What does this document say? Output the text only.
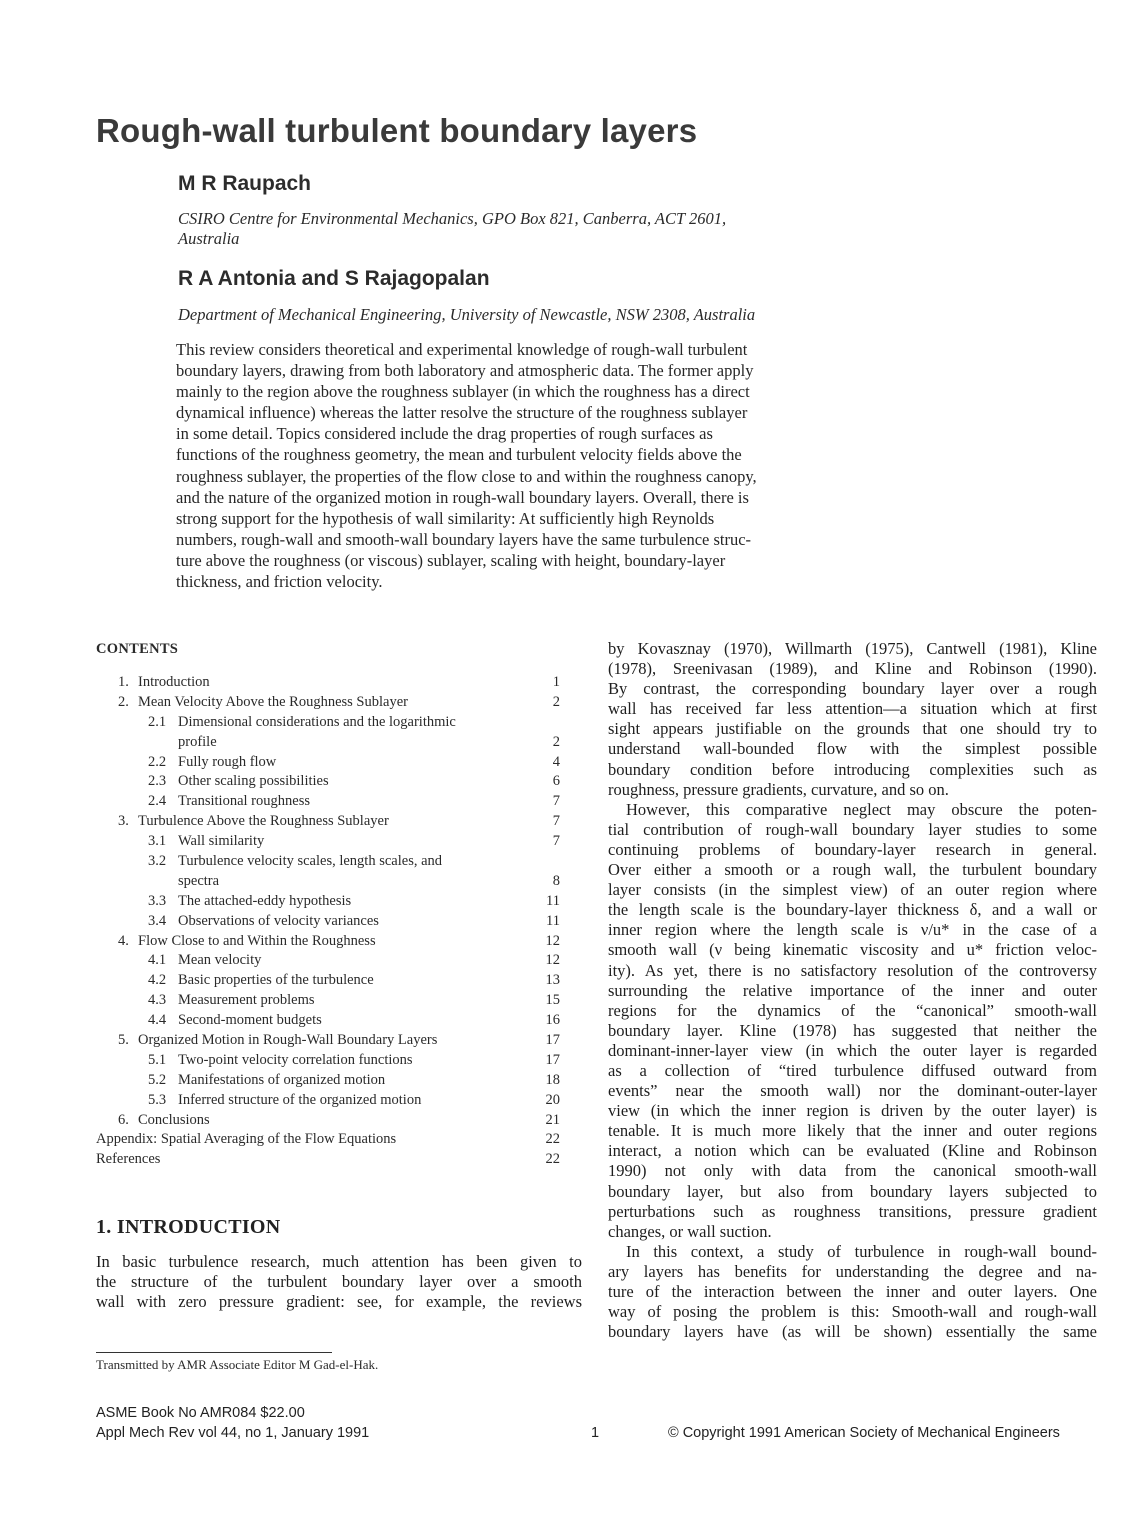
Rough-wall turbulent boundary layers
M R Raupach

CSIRO Centre for Environmental Mechanics, GPO Box 821, Canberra, ACT 2601,
Australia

R A Antonia and S Rajagopalan

Department of Mechanical Engineering, University of Newcastle, NSW 2308, Australia

This review considers theoretical and experimental knowledge of rough-wall turbulent
boundary layers, drawing from both laboratory and atmospheric data. The former apply
mainly to the region above the roughness sublayer (in which the roughness has a direct
dynamical influence) whereas the latter resolve the structure of the roughness sublayer
in some detail. Topics considered include the drag properties of rough surfaces as
functions of the roughness geometry, the mean and turbulent velocity fields above the
roughness sublayer, the properties of the flow close to and within the roughness canopy,
and the nature of the organized motion in rough-wall boundary layers. Overall, there is
strong support for the hypothesis of wall similarity: At sufficiently high Reynolds
numbers, rough-wall and smooth-wall boundary layers have the same turbulence struc-
ture above the roughness (or viscous) sublayer, scaling with height, boundary-layer
thickness, and friction velocity.
CONTENTS
1. Introduction	1
2. Mean Velocity Above the Roughness Sublayer	2
2.1 Dimensional considerations and the logarithmic
profile	2
2.2 Fully rough flow	4
2.3 Other scaling possibilities	6
2.4 Transitional roughness	7
3. Turbulence Above the Roughness Sublayer	7
3.1 Wall similarity	7
3.2 Turbulence velocity scales, length scales, and
spectra	8
3.3 The attached-eddy hypothesis	11
3.4 Observations of velocity variances	11
4. Flow Close to and Within the Roughness	12
4.1 Mean velocity	12
4.2 Basic properties of the turbulence	13
4.3 Measurement problems	15
4.4 Second-moment budgets	16
5. Organized Motion in Rough-Wall Boundary Layers	17
5.1 Two-point velocity correlation functions	17
5.2 Manifestations of organized motion	18
5.3 Inferred structure of the organized motion	20
6. Conclusions	21
Appendix: Spatial Averaging of the Flow Equations	22
References	22
1. INTRODUCTION
In basic turbulence research, much attention has been given to
the structure of the turbulent boundary layer over a smooth
wall with zero pressure gradient: see, for example, the reviews

Transmitted by AMR Associate Editor M Gad-el-Hak.

by Kovasznay (1970), Willmarth (1975), Cantwell (1981), Kline
(1978), Sreenivasan (1989), and Kline and Robinson (1990).
By contrast, the corresponding boundary layer over a rough
wall has received far less attention—a situation which at first
sight appears justifiable on the grounds that one should try to
understand wall-bounded flow with the simplest possible
boundary condition before introducing complexities such as
roughness, pressure gradients, curvature, and so on.
However, this comparative neglect may obscure the poten-
tial contribution of rough-wall boundary layer studies to some
continuing problems of boundary-layer research in general.
Over either a smooth or a rough wall, the turbulent boundary
layer consists (in the simplest view) of an outer region where
the length scale is the boundary-layer thickness δ, and a wall or
inner region where the length scale is ν/u* in the case of a
smooth wall (ν being kinematic viscosity and u* friction veloc-
ity). As yet, there is no satisfactory resolution of the controversy
surrounding the relative importance of the inner and outer
regions for the dynamics of the “canonical” smooth-wall
boundary layer. Kline (1978) has suggested that neither the
dominant-inner-layer view (in which the outer layer is regarded
as a collection of “tired turbulence diffused outward from
events” near the smooth wall) nor the dominant-outer-layer
view (in which the inner region is driven by the outer layer) is
tenable. It is much more likely that the inner and outer regions
interact, a notion which can be evaluated (Kline and Robinson
1990) not only with data from the canonical smooth-wall
boundary layer, but also from boundary layers subjected to
perturbations such as roughness transitions, pressure gradient
changes, or wall suction.
In this context, a study of turbulence in rough-wall bound-
ary layers has benefits for understanding the degree and na-
ture of the interaction between the inner and outer layers. One
way of posing the problem is this: Smooth-wall and rough-wall
boundary layers have (as will be shown) essentially the same

ASME Book No AMR084 $22.00

Appl Mech Rev vol 44, no 1, January 1991	1	© Copyright 1991 American Society of Mechanical Engineers
